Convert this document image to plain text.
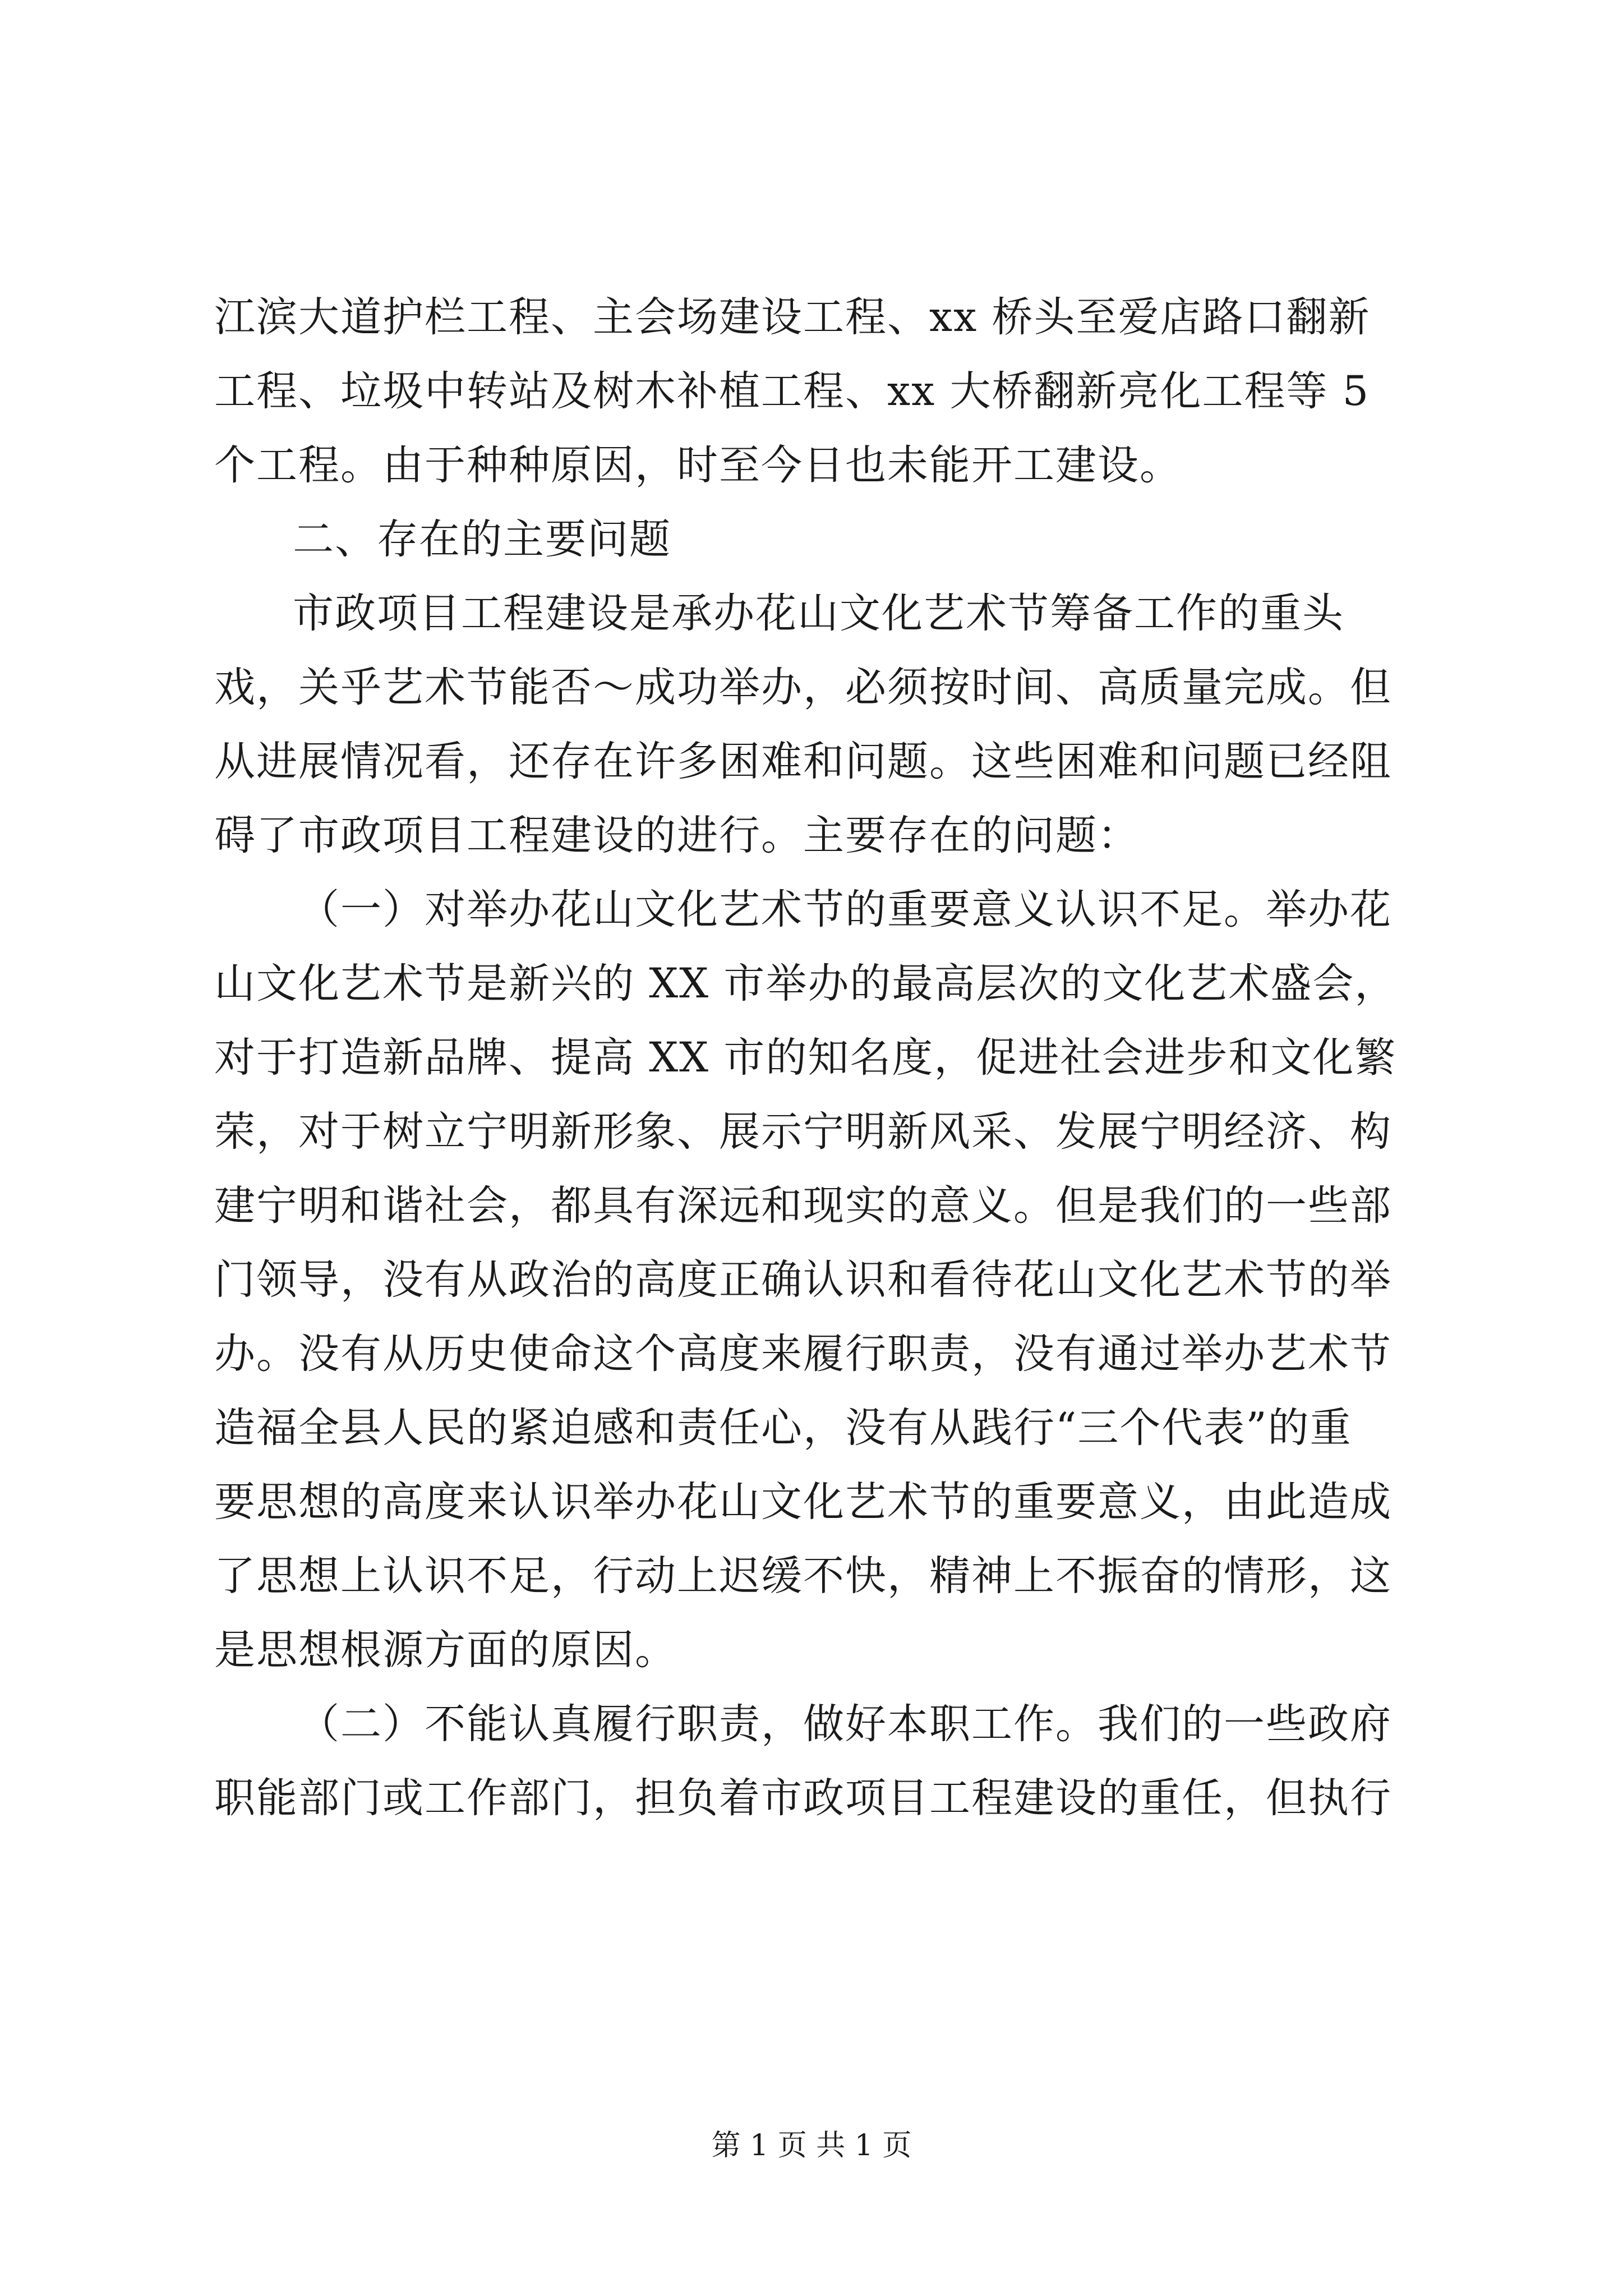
江滨大道护栏工程、主会场建设工程、xx 桥头至爱店路口翻新
工程、垃圾中转站及树木补植工程、xx 大桥翻新亮化工程等 5
个工程。由于种种原因，时至今日也未能开工建设。
二、存在的主要问题
市政项目工程建设是承办花山文化艺术节筹备工作的重头
戏，关乎艺术节能否～成功举办，必须按时间、高质量完成。但
从进展情况看，还存在许多困难和问题。这些困难和问题已经阻
碍了市政项目工程建设的进行。主要存在的问题：
（一）对举办花山文化艺术节的重要意义认识不足。举办花
山文化艺术节是新兴的 XX 市举办的最高层次的文化艺术盛会，
对于打造新品牌、提高 XX 市的知名度，促进社会进步和文化繁
荣，对于树立宁明新形象、展示宁明新风采、发展宁明经济、构
建宁明和谐社会，都具有深远和现实的意义。但是我们的一些部
门领导，没有从政治的高度正确认识和看待花山文化艺术节的举
办。没有从历史使命这个高度来履行职责，没有通过举办艺术节
造福全县人民的紧迫感和责任心，没有从践行“三个代表”的重
要思想的高度来认识举办花山文化艺术节的重要意义，由此造成
了思想上认识不足，行动上迟缓不快，精神上不振奋的情形，这
是思想根源方面的原因。
（二）不能认真履行职责，做好本职工作。我们的一些政府
职能部门或工作部门，担负着市政项目工程建设的重任，但执行
第 1 页 共 1 页
